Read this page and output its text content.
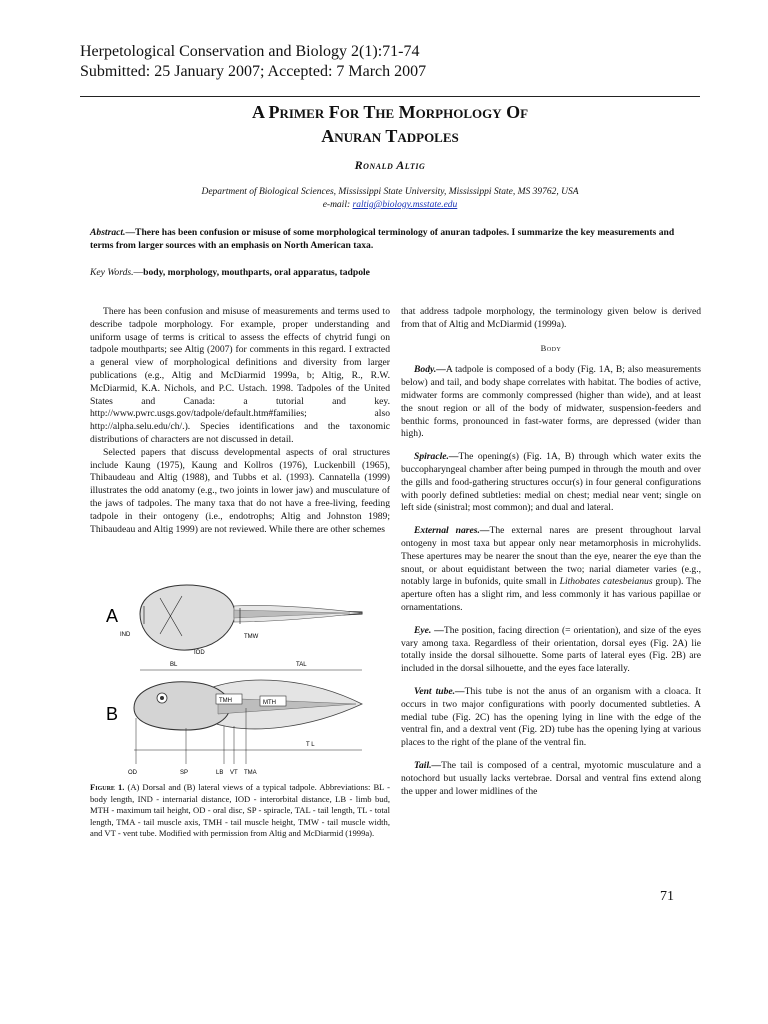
Herpetological Conservation and Biology 2(1):71-74
Submitted: 25 January 2007; Accepted: 7 March 2007
A Primer For The Morphology Of
Anuran Tadpoles
Ronald Altig
Department of Biological Sciences, Mississippi State University, Mississippi State, MS 39762, USA
e-mail: raltig@biology.msstate.edu
Abstract.—There has been confusion or misuse of some morphological terminology of anuran tadpoles. I summarize the key measurements and terms from larger sources with an emphasis on North American taxa.
Key Words.—body, morphology, mouthparts, oral apparatus, tadpole

There has been confusion and misuse of measurements and terms used to describe tadpole morphology. For example, proper understanding and uniform usage of terms is critical to assess the effects of chytrid fungi on tadpole mouthparts; see Altig (2007) for comments in this regard. I extracted a general view of morphological definitions and diversity from larger publications (e.g., Altig and McDiarmid 1999a, b; Altig, R., R.W. McDiarmid, K.A. Nichols, and P.C. Ustach. 1998. Tadpoles of the United States and Canada: a tutorial and key. http://www.pwrc.usgs.gov/tadpole/default.htm#families; also http://alpha.selu.edu/ch/.). Species identifications and the taxonomic distributions of characters are not discussed in detail.

Selected papers that discuss developmental aspects of oral structures include Kaung (1975), Kaung and Kollros (1976), Luckenbill (1965), Thibaudeau and Altig (1988), and Tubbs et al. (1993). Cannatella (1999) illustrates the odd anatomy (e.g., two joints in lower jaw) and musculature of the jaws of tadpoles. The many taxa that do not have a free-living, feeding tadpole in their ontogeny (i.e., endotrophs; Altig and Johnston 1989; Thibaudeau and Altig 1999) are not reviewed. While there are other schemes

A
IND
IOD
TMW
B
BL	TAL
TMH	MTH
T L
OD	SP	LB VT TMA
Figure 1. (A) Dorsal and (B) lateral views of a typical tadpole. Abbreviations: BL - body length, IND - internarial distance, IOD - interorbital distance, LB - limb bud, MTH - maximum tail height, OD - oral disc, SP - spiracle, TAL - tail length, TL - total length, TMA - tail muscle axis, TMH - tail muscle height, TMW - tail muscle width, and VT - vent tube. Modified with permission from Altig and McDiarmid (1999a).

that address tadpole morphology, the terminology given below is derived from that of Altig and McDiarmid (1999a).

Body

Body.—A tadpole is composed of a body (Fig. 1A, B; also measurements below) and tail, and body shape correlates with habitat. The bodies of active, midwater forms are commonly compressed (higher than wide), and at least the snout region or all of the body of midwater, suspension-feeders and benthic forms, pronounced in fast-water forms, are depressed (wider than high).

Spiracle.—The opening(s) (Fig. 1A, B) through which water exits the buccopharyngeal chamber after being pumped in through the mouth and over the gills and food-gathering structures occur(s) in four general configurations with poorly defined subtleties: medial on chest; medial near vent; single on left side (sinistral; most common); and dual and lateral.

External nares.—The external nares are present throughout larval ontogeny in most taxa but appear only near metamorphosis in microhylids. These apertures may be nearer the snout than the eye, nearer the eye than the snout, or about equidistant between the two; narial diameter varies (e.g., notably large in bufonids, quite small in Lithobates catesbeianus group). The aperture often has a slight rim, and less commonly it has various papillae or ornamentations.

Eye. —The position, facing direction (= orientation), and size of the eyes vary among taxa. Regardless of their orientation, dorsal eyes (Fig. 2A) lie totally inside the dorsal silhouette. Some parts of lateral eyes (Fig. 2B) are included in the dorsal silhouette, and the eyes face laterally.

Vent tube.—This tube is not the anus of an organism with a cloaca. It occurs in two major configurations with poorly documented subtleties. A medial tube (Fig. 2C) has the opening lying in line with the edge of the ventral fin, and a dextral vent (Fig. 2D) tube has the opening lying at various places to the right of the plane of the ventral fin.

Tail.—The tail is composed of a central, myotomic musculature and a notochord but usually lacks vertebrae. Dorsal and ventral fins extend along the upper and lower midlines of the

71
